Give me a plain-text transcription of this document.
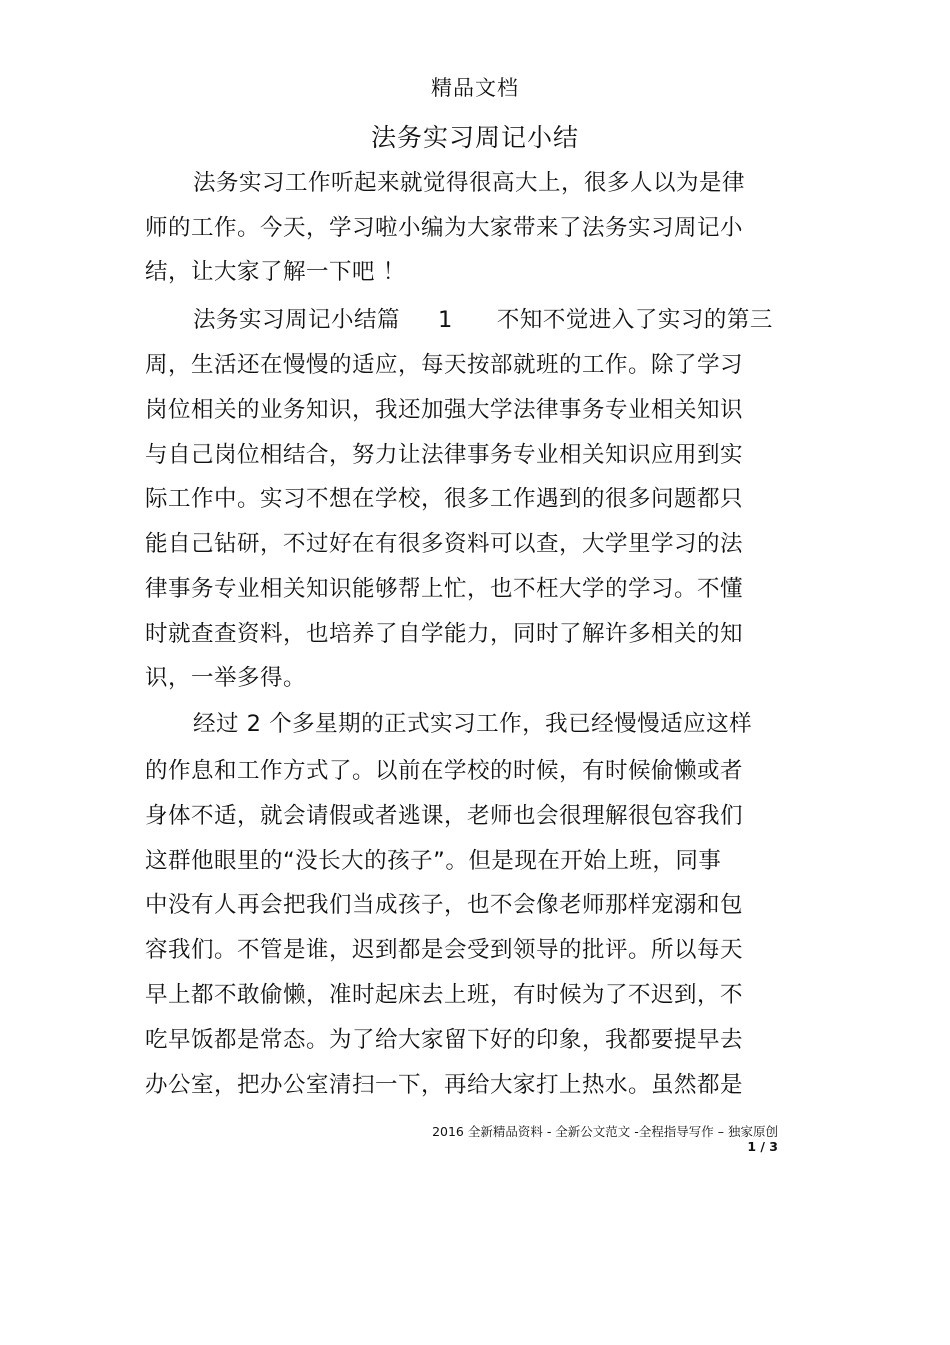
精品文档
法务实习周记小结
法务实习工作听起来就觉得很高大上，很多人以为是律
师的工作。今天，学习啦小编为大家带来了法务实习周记小
结，让大家了解一下吧 ！
法务实习周记小结篇 1 不知不觉进入了实习的第三
周，生活还在慢慢的适应，每天按部就班的工作。除了学习
岗位相关的业务知识，我还加强大学法律事务专业相关知识
与自己岗位相结合，努力让法律事务专业相关知识应用到实
际工作中。实习不想在学校，很多工作遇到的很多问题都只
能自己钻研，不过好在有很多资料可以查，大学里学习的法
律事务专业相关知识能够帮上忙，也不枉大学的学习。不懂
时就查查资料，也培养了自学能力，同时了解许多相关的知
识，一举多得。
经过 2 个多星期的正式实习工作，我已经慢慢适应这样
的作息和工作方式了。以前在学校的时候，有时候偷懒或者
身体不适，就会请假或者逃课，老师也会很理解很包容我们
这群他眼里的“没长大的孩子”。但是现在开始上班，同事
中没有人再会把我们当成孩子，也不会像老师那样宠溺和包
容我们。不管是谁，迟到都是会受到领导的批评。所以每天
早上都不敢偷懒，准时起床去上班，有时候为了不迟到，不
吃早饭都是常态。为了给大家留下好的印象，我都要提早去
办公室，把办公室清扫一下，再给大家打上热水。虽然都是
2016 全新精品资料 - 全新公文范文 -全程指导写作 – 独家原创
1 / 3
